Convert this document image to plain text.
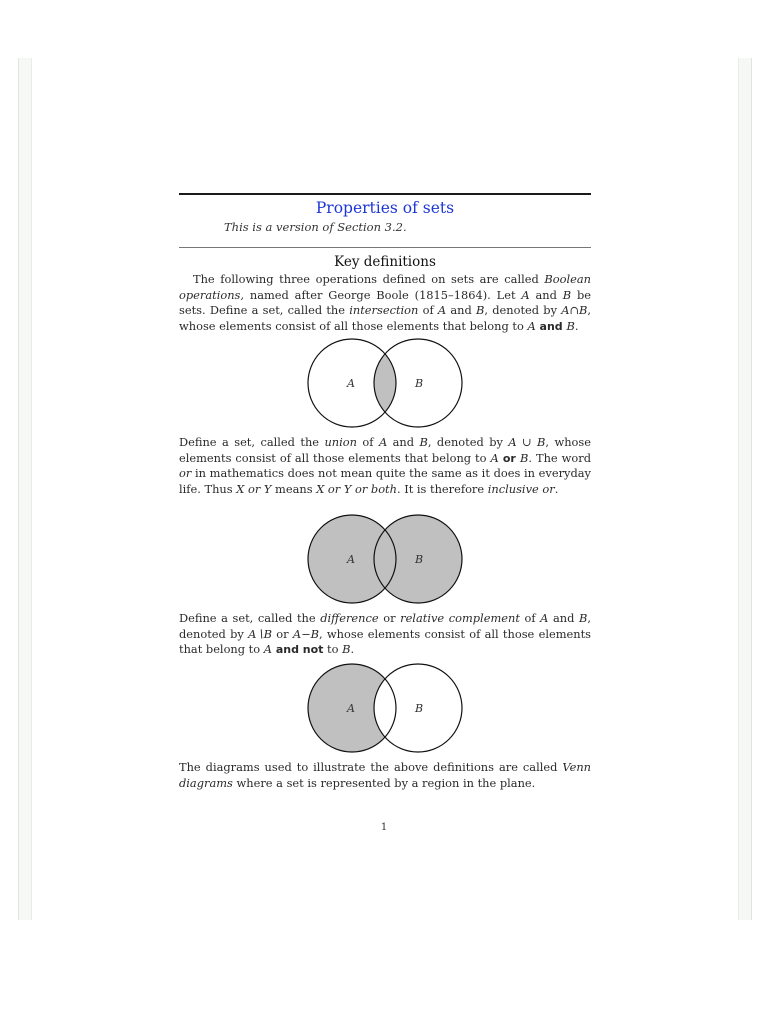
Properties of sets
This is a version of Section 3.2.
Key definitions
The following three operations defined on sets are called Boolean operations, named after George Boole (1815–1864). Let A and B be sets. Define a set, called the intersection of A and B, denoted by A∩B, whose elements consist of all those elements that belong to A and B.
A	B
Define a set, called the union of A and B, denoted by A ∪ B, whose elements consist of all those elements that belong to A or B. The word or in mathematics does not mean quite the same as it does in everyday life. Thus X or Y means X or Y or both. It is therefore inclusive or.
A	B
Define a set, called the difference or relative complement of A and B, denoted by A∖B or A−B, whose elements consist of all those elements that belong to A and not to B.
A	B
The diagrams used to illustrate the above definitions are called Venn diagrams where a set is represented by a region in the plane.
1
